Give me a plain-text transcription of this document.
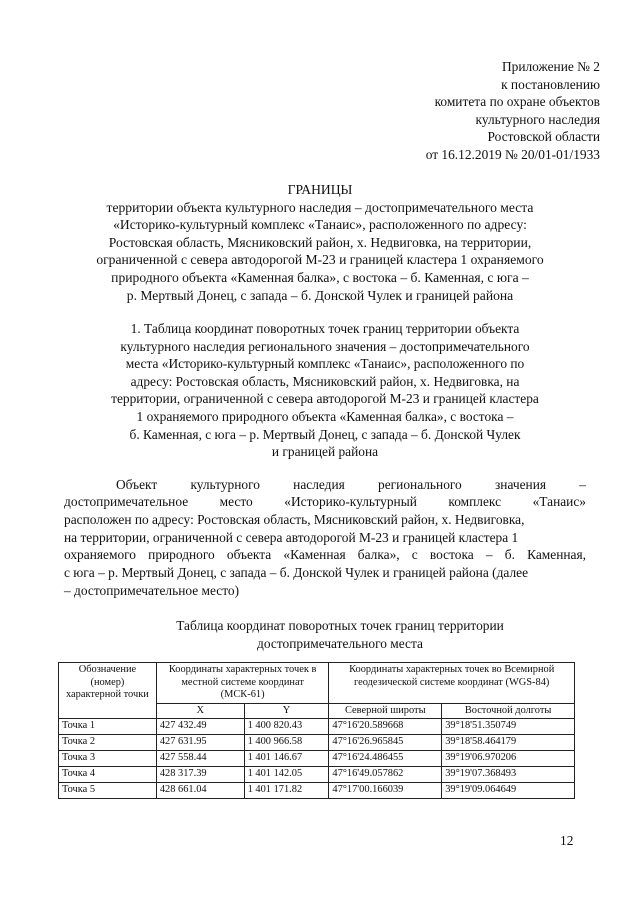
Приложение № 2
к постановлению
комитета по охране объектов
культурного наследия
Ростовской области
от 16.12.2019 № 20/01-01/1933
ГРАНИЦЫ
территории объекта культурного наследия – достопримечательного места
«Историко-культурный комплекс «Танаис», расположенного по адресу:
Ростовская область, Мясниковский район, х. Недвиговка, на территории,
ограниченной с севера автодорогой М-23 и границей кластера 1 охраняемого
природного объекта «Каменная балка», с востока – б. Каменная, с юга –
р. Мертвый Донец, с запада – б. Донской Чулек и границей района
1. Таблица координат поворотных точек границ территории объекта
культурного наследия регионального значения – достопримечательного
места «Историко-культурный комплекс «Танаис», расположенного по
адресу: Ростовская область, Мясниковский район, х. Недвиговка, на
территории, ограниченной с севера автодорогой М-23 и границей кластера
1 охраняемого природного объекта «Каменная балка», с востока –
б. Каменная, с юга – р. Мертвый Донец, с запада – б. Донской Чулек
и границей района
Объект культурного наследия регионального значения –
достопримечательное место «Историко-культурный комплекс «Танаис»
расположен по адресу: Ростовская область, Мясниковский район, х. Недвиговка,
на территории, ограниченной с севера автодорогой М-23 и границей кластера 1
охраняемого природного объекта «Каменная балка», с востока – б. Каменная,
с юга – р. Мертвый Донец, с запада – б. Донской Чулек и границей района (далее
– достопримечательное место)
Таблица координат поворотных точек границ территории
достопримечательного места
Обозначение (номер) характерной точки	Координаты характерных точек в местной системе координат (МСК-61)		Координаты характерных точек во Всемирной геодезической системе координат (WGS-84)	
	X	Y	Северной широты	Восточной долготы
Точка 1	427 432.49	1 400 820.43	47°16'20.589668	39°18'51.350749
Точка 2	427 631.95	1 400 966.58	47°16'26.965845	39°18'58.464179
Точка 3	427 558.44	1 401 146.67	47°16'24.486455	39°19'06.970206
Точка 4	428 317.39	1 401 142.05	47°16'49.057862	39°19'07.368493
Точка 5	428 661.04	1 401 171.82	47°17'00.166039	39°19'09.064649
12
